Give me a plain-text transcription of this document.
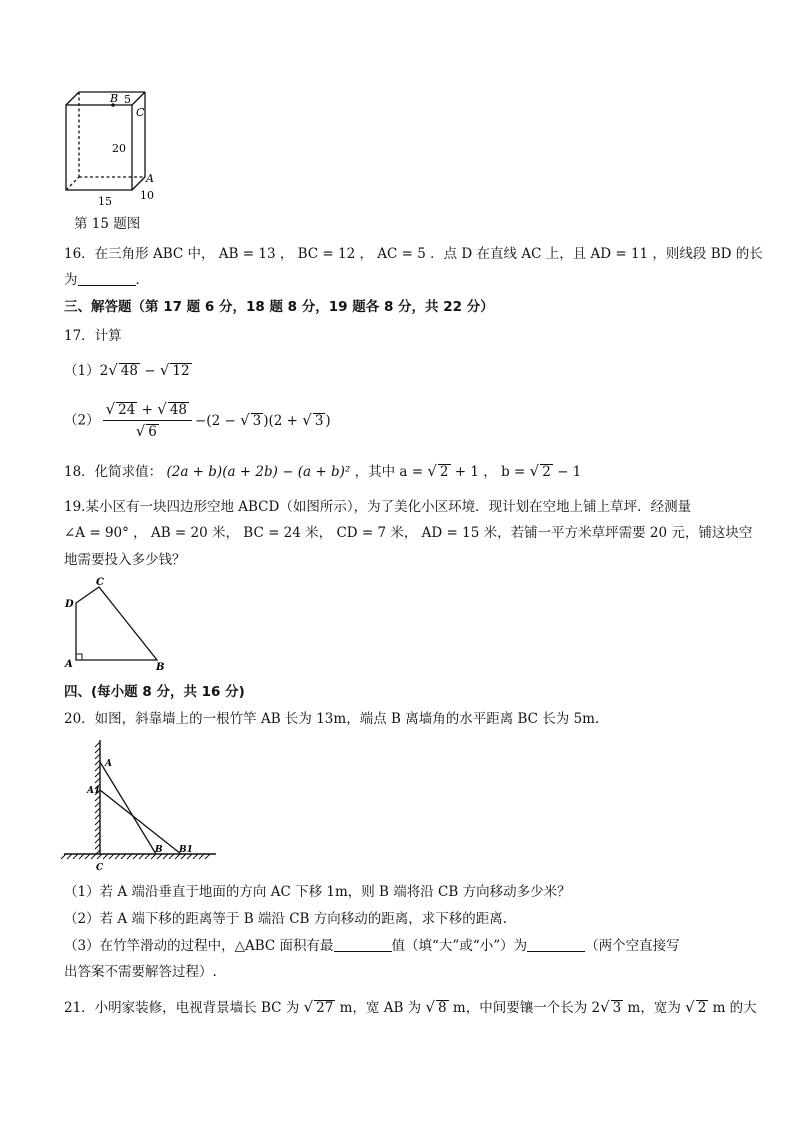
B 5
C
20
A
10
15
第 15 题图
16．在三角形 ABC 中， AB = 13 ， BC = 12 ， AC = 5 ．点 D 在直线 AC 上，且 AD = 11 ，则线段 BD 的长
为	．
三、解答题（第 17 题 6 分，18 题 8 分，19 题各 8 分，共 22 分）
17．计算
（1）2√ 48 − √ 12
$(2) \frac{√ 24 + √ 48}{√ 6} -(2$ − √ 3 )(2 + √ 3 )
18．化简求值： (2a + b)(a + 2b) − (a + b)² ，其中 a = √ 2 + 1 ， b = √ 2 − 1
19.某小区有一块四边形空地 ABCD（如图所示），为了美化小区环境．现计划在空地上铺上草坪．经测量
∠A = 90° ， AB = 20 米， BC = 24 米， CD = 7 米， AD = 15 米，若铺一平方米草坪需要 20 元，铺这块空
地需要投入多少钱？
C
D
A	B
四、(每小题 8 分，共 16 分)
20．如图，斜靠墙上的一根竹竿 AB 长为 13m，端点 B 离墙角的水平距离 BC 长为 5m.
A
A1
B B1
C
（1）若 A 端沿垂直于地面的方向 AC 下移 1m，则 B 端将沿 CB 方向移动多少米？
（2）若 A 端下移的距离等于 B 端沿 CB 方向移动的距离，求下移的距离.
（3）在竹竿滑动的过程中，△ABC 面积有最	值（填“大”或“小”）为	（两个空直接写
出答案不需要解答过程）.
21．小明家装修，电视背景墙长 BC 为 √ 27 m，宽 AB 为 √ 8 m，中间要镶一个长为 2√ 3 m，宽为 √ 2 m 的大
